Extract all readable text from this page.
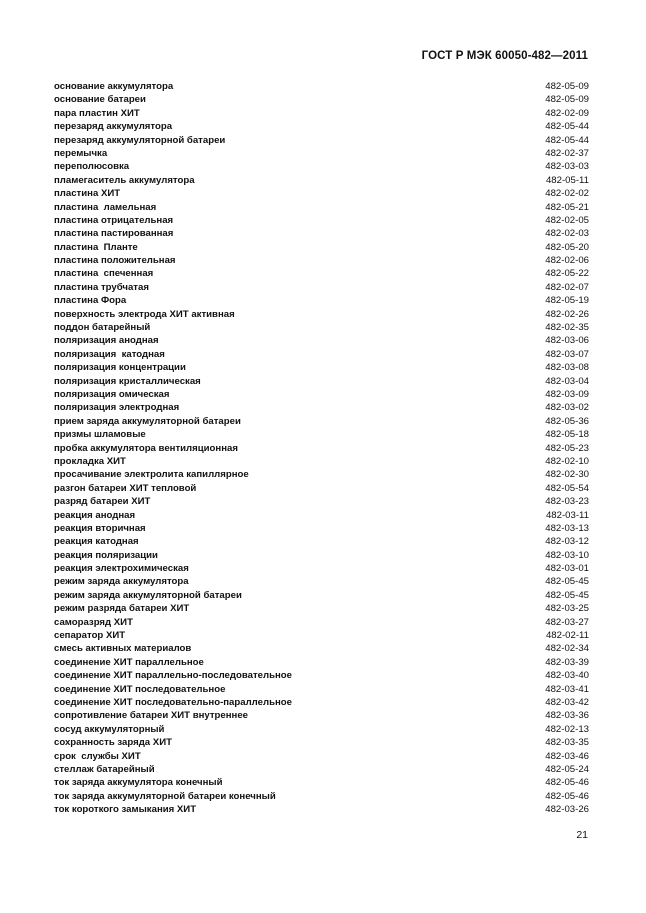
ГОСТ Р МЭК 60050-482—2011
основание аккумулятора	482-05-09
основание батареи	482-05-09
пара пластин ХИТ	482-02-09
перезаряд аккумулятора	482-05-44
перезаряд аккумуляторной батареи	482-05-44
перемычка	482-02-37
переполюсовка	482-03-03
пламегаситель аккумулятора	482-05-11
пластина ХИТ	482-02-02
пластина  ламельная	482-05-21
пластина отрицательная	482-02-05
пластина пастированная	482-02-03
пластина  Планте	482-05-20
пластина положительная	482-02-06
пластина  спеченная	482-05-22
пластина трубчатая	482-02-07
пластина Фора	482-05-19
поверхность электрода ХИТ активная	482-02-26
поддон батарейный	482-02-35
поляризация анодная	482-03-06
поляризация  катодная	482-03-07
поляризация концентрации	482-03-08
поляризация кристаллическая	482-03-04
поляризация омическая	482-03-09
поляризация электродная	482-03-02
прием заряда аккумуляторной батареи	482-05-36
призмы шламовые	482-05-18
пробка аккумулятора вентиляционная	482-05-23
прокладка ХИТ	482-02-10
просачивание электролита капиллярное	482-02-30
разгон батареи ХИТ тепловой	482-05-54
разряд батареи ХИТ	482-03-23
реакция анодная	482-03-11
реакция вторичная	482-03-13
реакция катодная	482-03-12
реакция поляризации	482-03-10
реакция электрохимическая	482-03-01
режим заряда аккумулятора	482-05-45
режим заряда аккумуляторной батареи	482-05-45
режим разряда батареи ХИТ	482-03-25
саморазряд ХИТ	482-03-27
сепаратор ХИТ	482-02-11
смесь активных материалов	482-02-34
соединение ХИТ параллельное	482-03-39
соединение ХИТ параллельно-последовательное	482-03-40
соединение ХИТ последовательное	482-03-41
соединение ХИТ последовательно-параллельное	482-03-42
сопротивление батареи ХИТ внутреннее	482-03-36
сосуд аккумуляторный	482-02-13
сохранность заряда ХИТ	482-03-35
срок  службы ХИТ	482-03-46
стеллаж батарейный	482-05-24
ток заряда аккумулятора конечный	482-05-46
ток заряда аккумуляторной батареи конечный	482-05-46
ток короткого замыкания ХИТ	482-03-26
21
